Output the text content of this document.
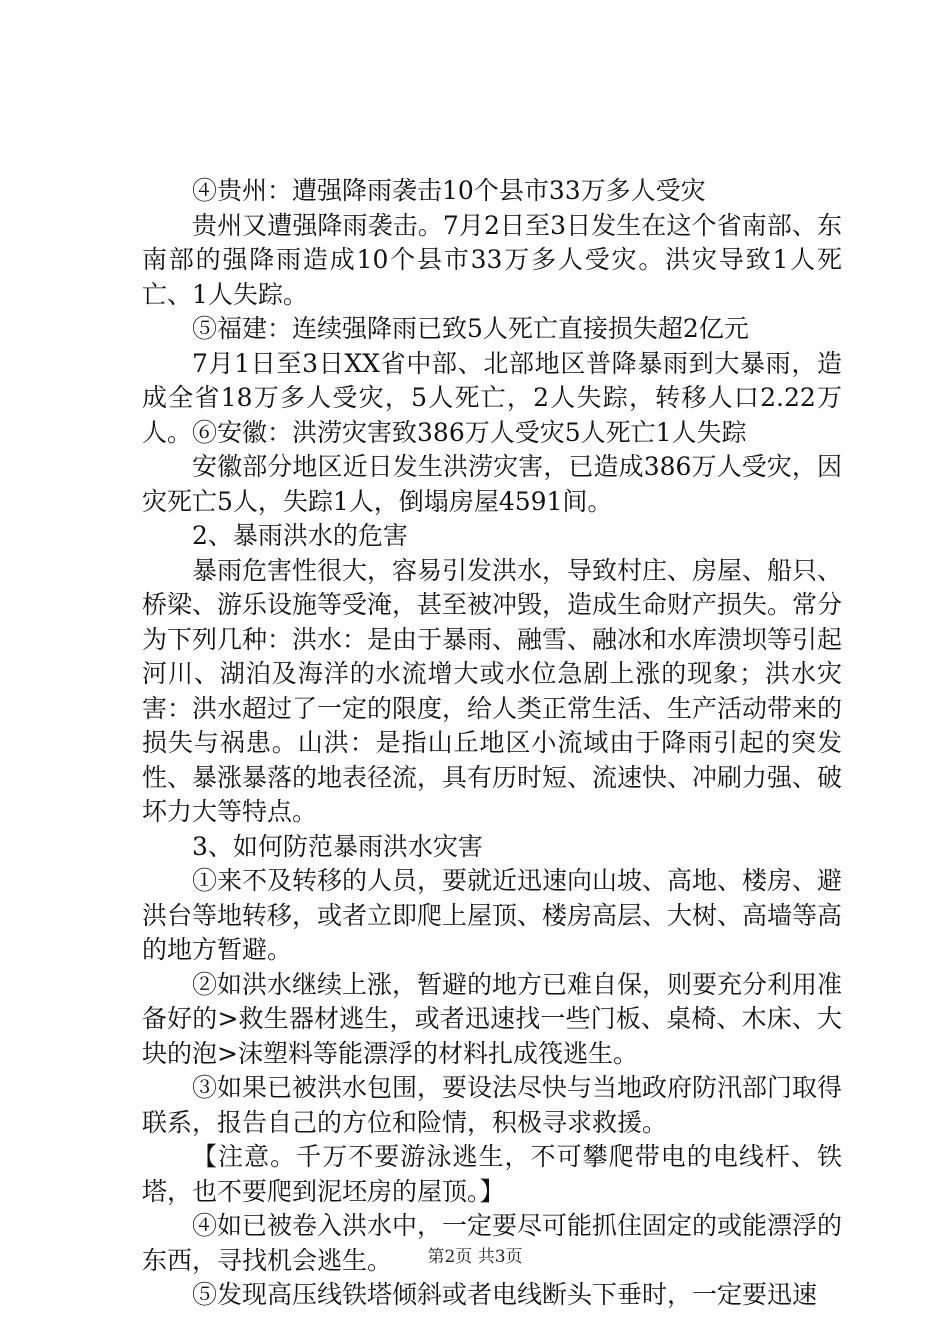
④贵州：遭强降雨袭击10个县市33万多人受灾

贵州又遭强降雨袭击。7月2日至3日发生在这个省南部、东南部的强降雨造成10个县市33万多人受灾。洪灾导致1人死亡、1人失踪。

⑤福建：连续强降雨已致5人死亡直接损失超2亿元

7月1日至3日XX省中部、北部地区普降暴雨到大暴雨，造成全省18万多人受灾，5人死亡，2人失踪，转移人口2.22万人。⑥安徽：洪涝灾害致386万人受灾5人死亡1人失踪

安徽部分地区近日发生洪涝灾害，已造成386万人受灾，因灾死亡5人，失踪1人，倒塌房屋4591间。

2、暴雨洪水的危害

暴雨危害性很大，容易引发洪水，导致村庄、房屋、船只、桥梁、游乐设施等受淹，甚至被冲毁，造成生命财产损失。常分为下列几种：洪水：是由于暴雨、融雪、融冰和水库溃坝等引起河川、湖泊及海洋的水流增大或水位急剧上涨的现象；洪水灾害：洪水超过了一定的限度，给人类正常生活、生产活动带来的损失与祸患。山洪：是指山丘地区小流域由于降雨引起的突发性、暴涨暴落的地表径流，具有历时短、流速快、冲刷力强、破坏力大等特点。

3、如何防范暴雨洪水灾害

①来不及转移的人员，要就近迅速向山坡、高地、楼房、避洪台等地转移，或者立即爬上屋顶、楼房高层、大树、高墙等高的地方暂避。

②如洪水继续上涨，暂避的地方已难自保，则要充分利用准备好的>救生器材逃生，或者迅速找一些门板、桌椅、木床、大块的泡>沫塑料等能漂浮的材料扎成筏逃生。

③如果已被洪水包围，要设法尽快与当地政府防汛部门取得联系，报告自己的方位和险情，积极寻求救援。

【注意。千万不要游泳逃生，不可攀爬带电的电线杆、铁塔，也不要爬到泥坯房的屋顶。】

④如已被卷入洪水中，一定要尽可能抓住固定的或能漂浮的东西，寻找机会逃生。

⑤发现高压线铁塔倾斜或者电线断头下垂时，一定要迅速

第2页 共3页
